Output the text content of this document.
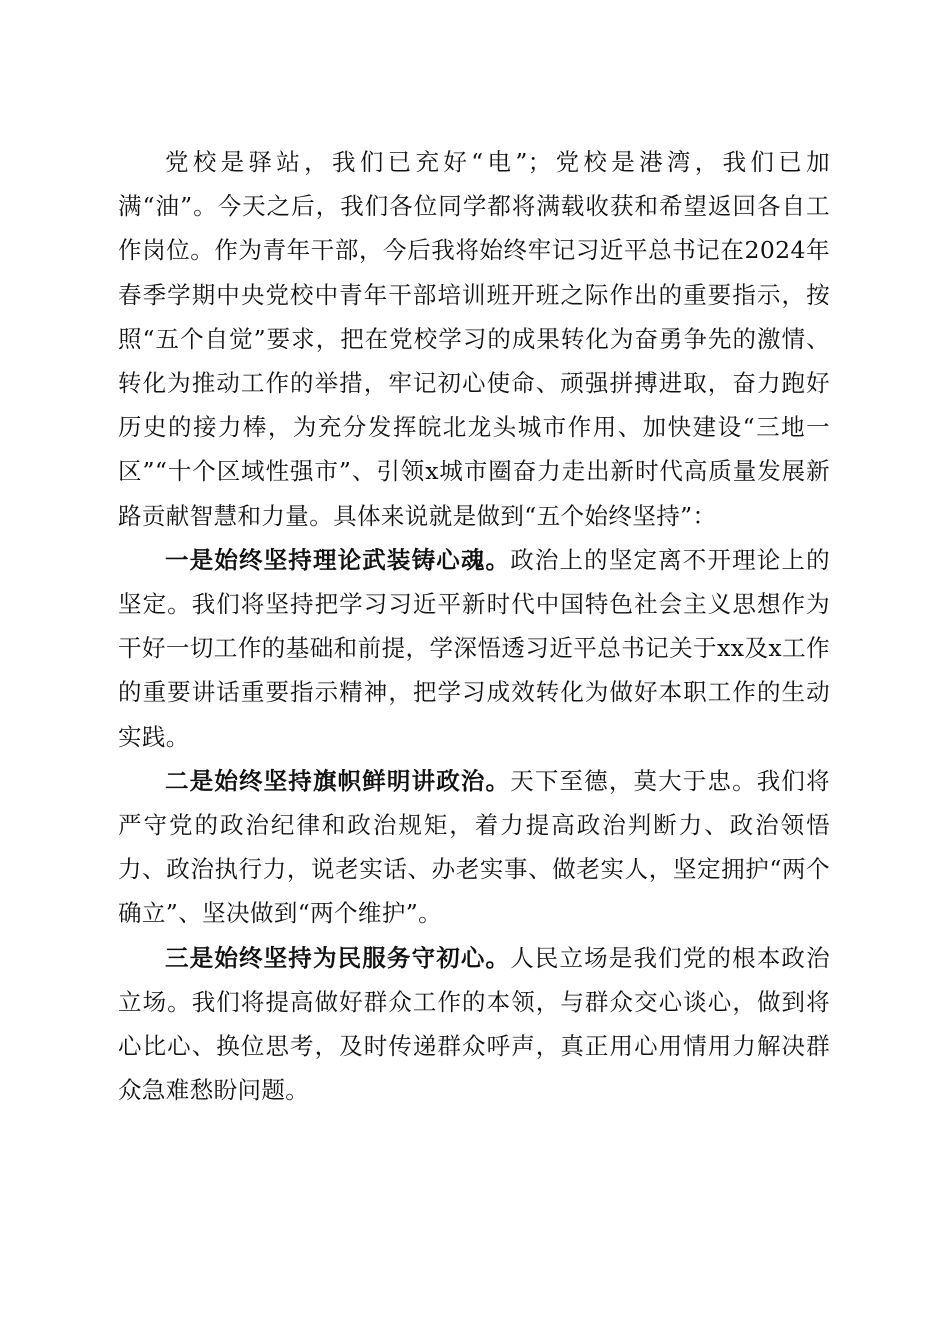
党校是驿站，我们已充好“电”；党校是港湾，我们已加满“油”。今天之后，我们各位同学都将满载收获和希望返回各自工作岗位。作为青年干部，今后我将始终牢记习近平总书记在2024年春季学期中央党校中青年干部培训班开班之际作出的重要指示，按照“五个自觉”要求，把在党校学习的成果转化为奋勇争先的激情、转化为推动工作的举措，牢记初心使命、顽强拼搏进取，奋力跑好历史的接力棒，为充分发挥皖北龙头城市作用、加快建设“三地一区”“十个区域性强市”、引领x城市圈奋力走出新时代高质量发展新路贡献智慧和力量。具体来说就是做到“五个始终坚持”：

一是始终坚持理论武装铸心魂。政治上的坚定离不开理论上的坚定。我们将坚持把学习习近平新时代中国特色社会主义思想作为干好一切工作的基础和前提，学深悟透习近平总书记关于xx及x工作的重要讲话重要指示精神，把学习成效转化为做好本职工作的生动实践。

二是始终坚持旗帜鲜明讲政治。天下至德，莫大于忠。我们将严守党的政治纪律和政治规矩，着力提高政治判断力、政治领悟力、政治执行力，说老实话、办老实事、做老实人，坚定拥护“两个确立”、坚决做到“两个维护”。

三是始终坚持为民服务守初心。人民立场是我们党的根本政治立场。我们将提高做好群众工作的本领，与群众交心谈心，做到将心比心、换位思考，及时传递群众呼声，真正用心用情用力解决群众急难愁盼问题。
